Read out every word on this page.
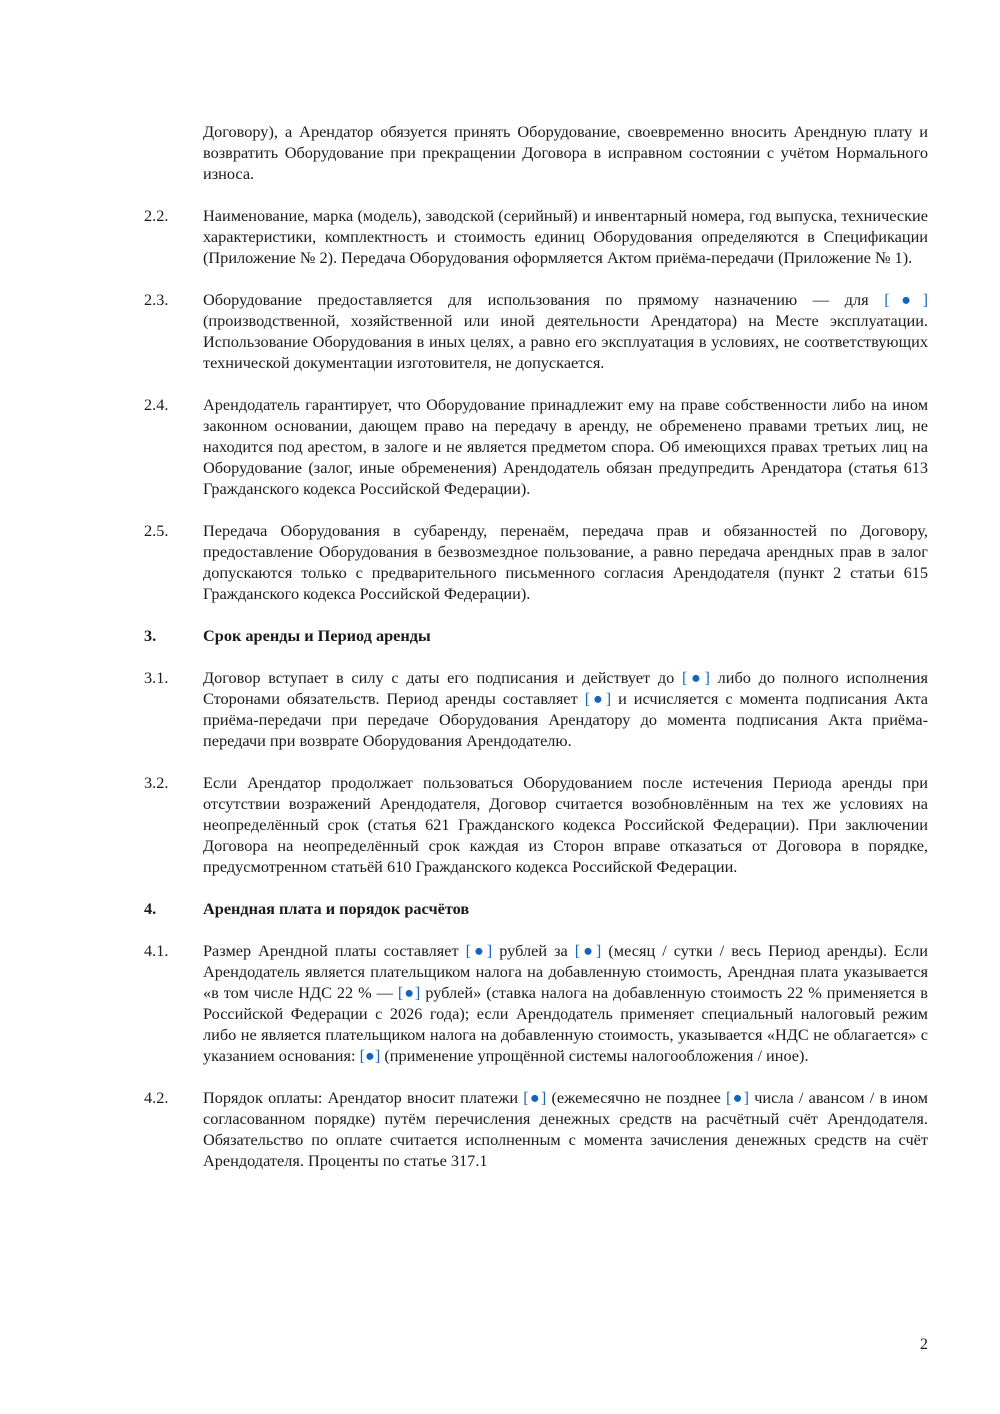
Договору), а Арендатор обязуется принять Оборудование, своевременно вносить Арендную плату и возвратить Оборудование при прекращении Договора в исправном состоянии с учётом Нормального износа.
2.2.	Наименование, марка (модель), заводской (серийный) и инвентарный номера, год выпуска, технические характеристики, комплектность и стоимость единиц Оборудования определяются в Спецификации (Приложение № 2). Передача Оборудования оформляется Актом приёма-передачи (Приложение № 1).
2.3.	Оборудование предоставляется для использования по прямому назначению — для [●] (производственной, хозяйственной или иной деятельности Арендатора) на Месте эксплуатации. Использование Оборудования в иных целях, а равно его эксплуатация в условиях, не соответствующих технической документации изготовителя, не допускается.
2.4.	Арендодатель гарантирует, что Оборудование принадлежит ему на праве собственности либо на ином законном основании, дающем право на передачу в аренду, не обременено правами третьих лиц, не находится под арестом, в залоге и не является предметом спора. Об имеющихся правах третьих лиц на Оборудование (залог, иные обременения) Арендодатель обязан предупредить Арендатора (статья 613 Гражданского кодекса Российской Федерации).
2.5.	Передача Оборудования в субаренду, перенаём, передача прав и обязанностей по Договору, предоставление Оборудования в безвозмездное пользование, а равно передача арендных прав в залог допускаются только с предварительного письменного согласия Арендодателя (пункт 2 статьи 615 Гражданского кодекса Российской Федерации).
3.	Срок аренды и Период аренды
3.1.	Договор вступает в силу с даты его подписания и действует до [●] либо до полного исполнения Сторонами обязательств. Период аренды составляет [●] и исчисляется с момента подписания Акта приёма-передачи при передаче Оборудования Арендатору до момента подписания Акта приёма-передачи при возврате Оборудования Арендодателю.
3.2.	Если Арендатор продолжает пользоваться Оборудованием после истечения Периода аренды при отсутствии возражений Арендодателя, Договор считается возобновлённым на тех же условиях на неопределённый срок (статья 621 Гражданского кодекса Российской Федерации). При заключении Договора на неопределённый срок каждая из Сторон вправе отказаться от Договора в порядке, предусмотренном статьёй 610 Гражданского кодекса Российской Федерации.
4.	Арендная плата и порядок расчётов
4.1.	Размер Арендной платы составляет [●] рублей за [●] (месяц / сутки / весь Период аренды). Если Арендодатель является плательщиком налога на добавленную стоимость, Арендная плата указывается «в том числе НДС 22 % — [●] рублей» (ставка налога на добавленную стоимость 22 % применяется в Российской Федерации с 2026 года); если Арендодатель применяет специальный налоговый режим либо не является плательщиком налога на добавленную стоимость, указывается «НДС не облагается» с указанием основания: [●] (применение упрощённой системы налогообложения / иное).
4.2.	Порядок оплаты: Арендатор вносит платежи [●] (ежемесячно не позднее [●] числа / авансом / в ином согласованном порядке) путём перечисления денежных средств на расчётный счёт Арендодателя. Обязательство по оплате считается исполненным с момента зачисления денежных средств на счёт Арендодателя. Проценты по статье 317.1
2
